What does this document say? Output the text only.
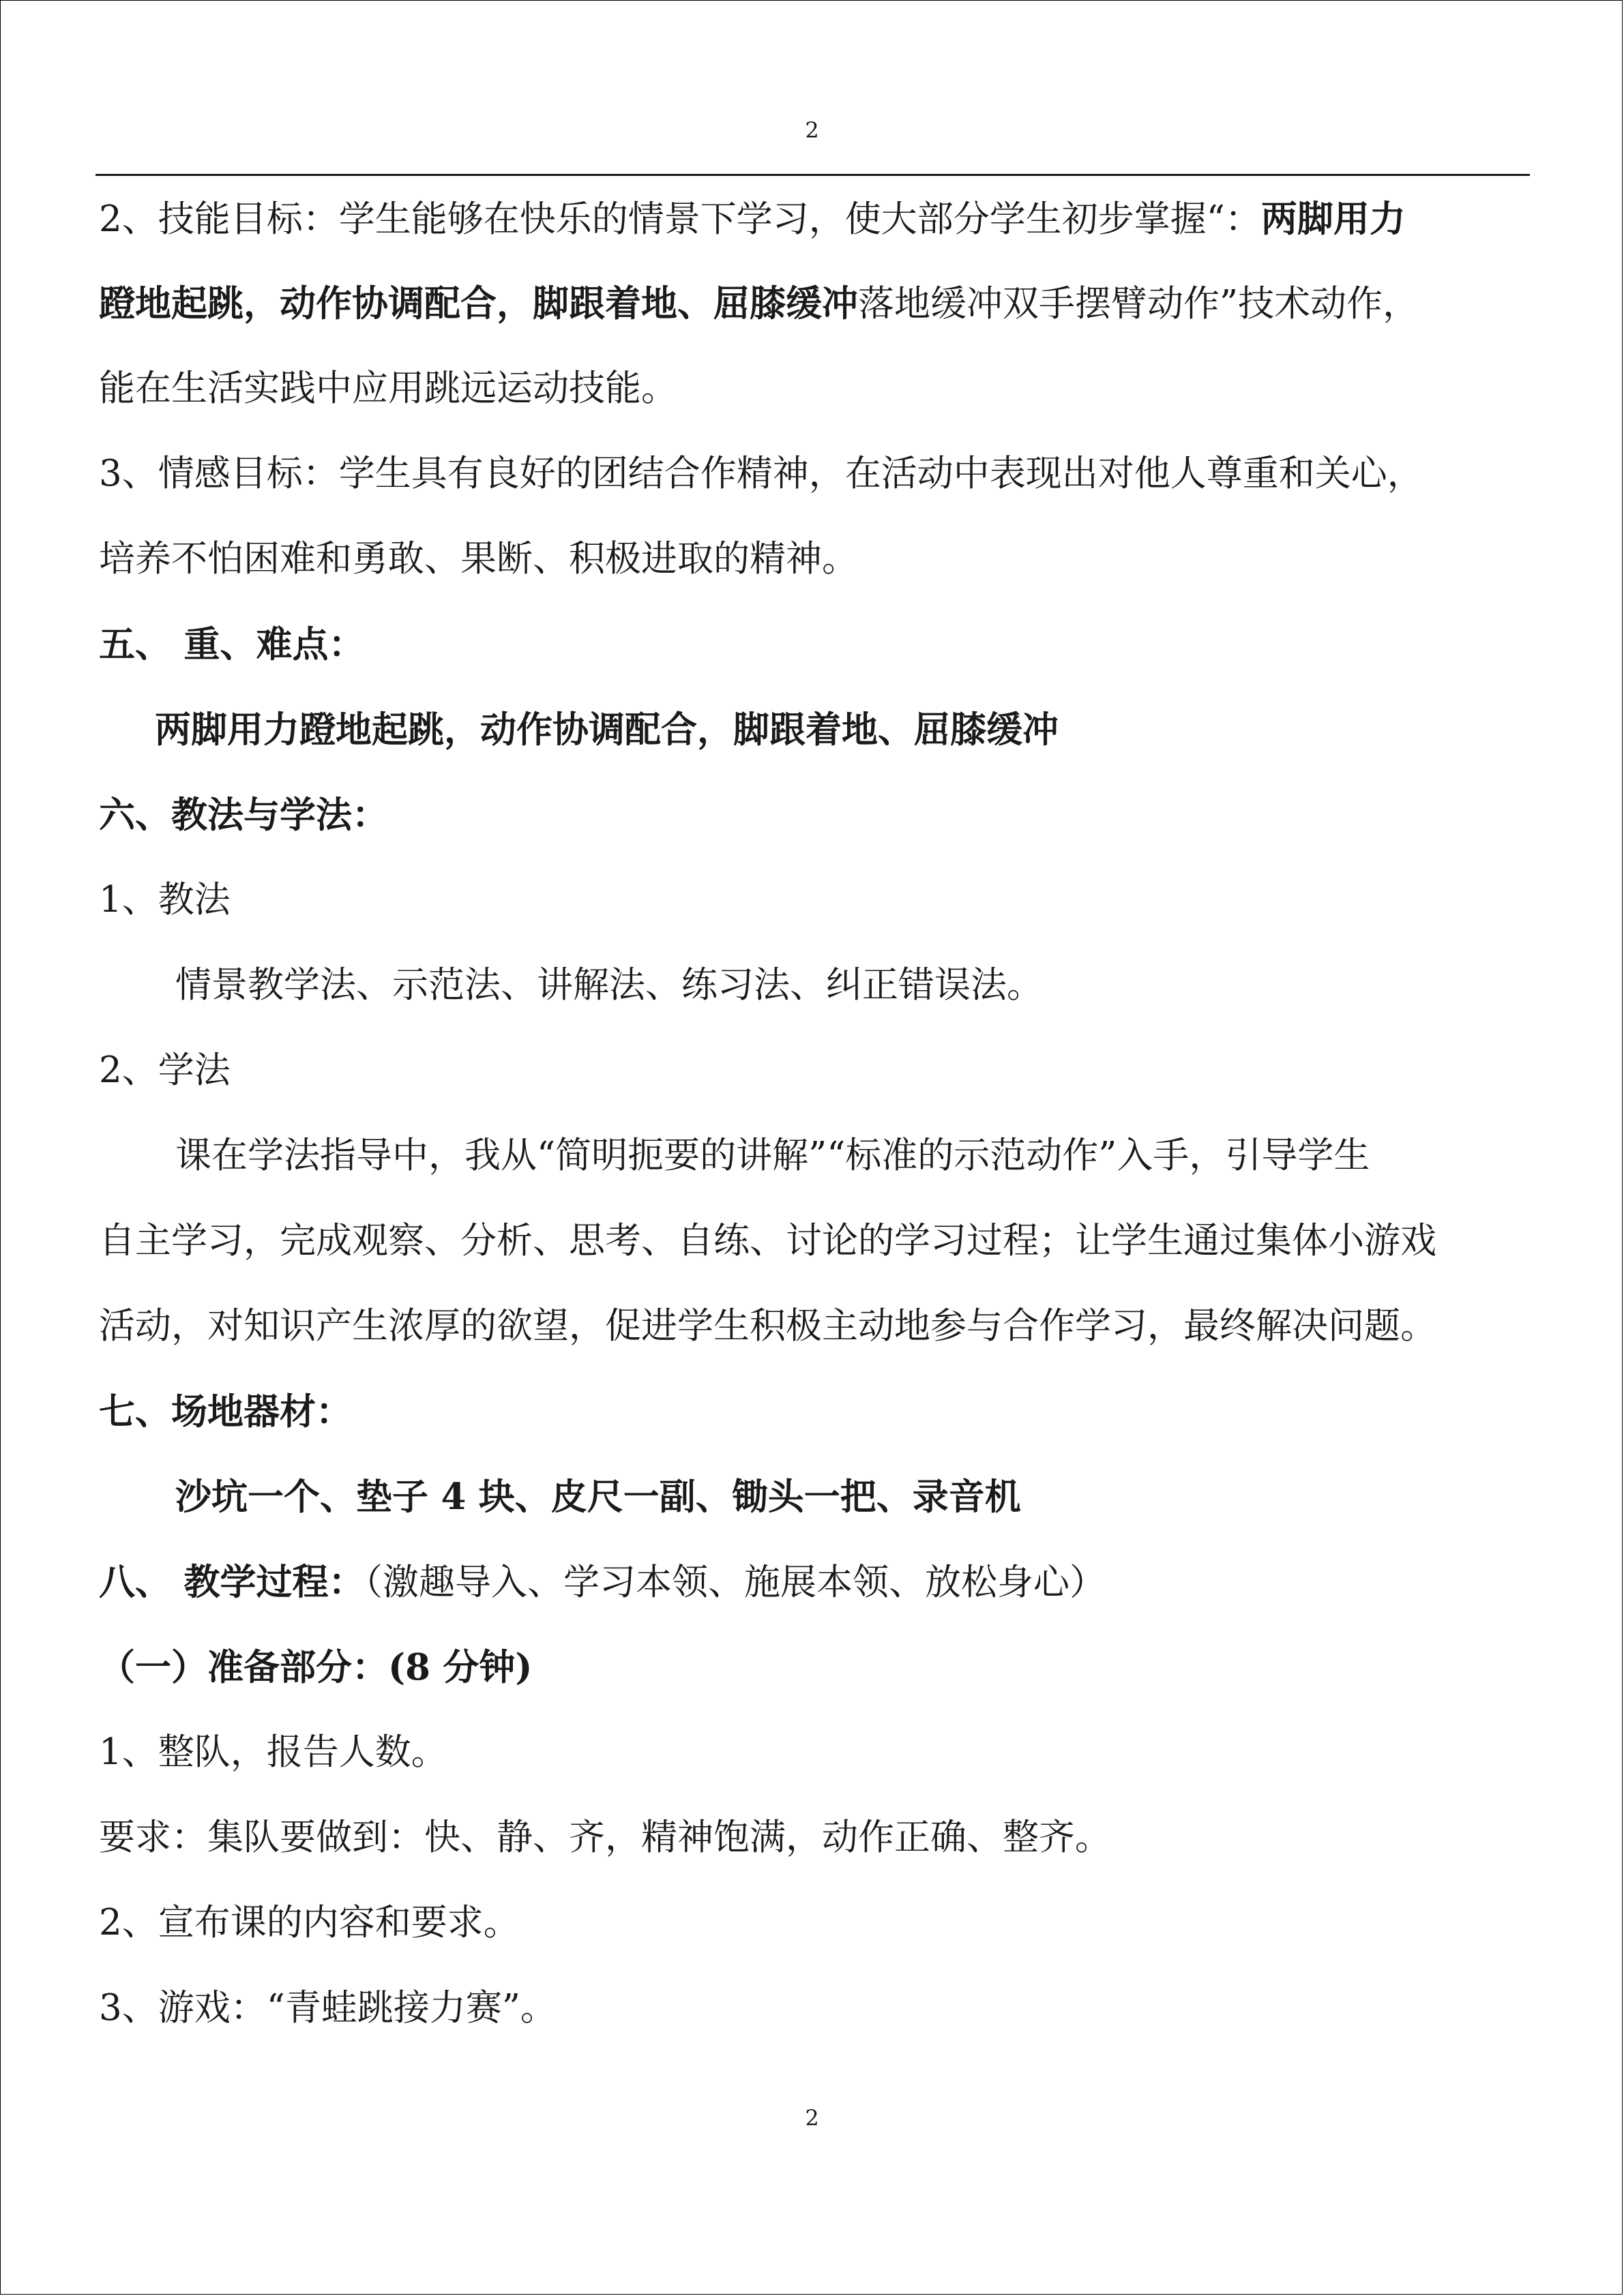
2
2、技能目标：学生能够在快乐的情景下学习，使大部分学生初步掌握“：两脚用力
蹬地起跳，动作协调配合，脚跟着地、屈膝缓冲落地缓冲双手摆臂动作”技术动作，
能在生活实践中应用跳远运动技能。
3、情感目标：学生具有良好的团结合作精神，在活动中表现出对他人尊重和关心，
培养不怕困难和勇敢、果断、积极进取的精神。
五、 重、难点：
两脚用力蹬地起跳，动作协调配合，脚跟着地、屈膝缓冲
六、教法与学法：
1、教法
情景教学法、示范法、讲解法、练习法、纠正错误法。
2、学法
课在学法指导中，我从“简明扼要的讲解”“标准的示范动作”入手，引导学生
自主学习，完成观察、分析、思考、自练、讨论的学习过程；让学生通过集体小游戏
活动，对知识产生浓厚的欲望，促进学生积极主动地参与合作学习，最终解决问题。
七、场地器材：
沙坑一个、垫子 4 块、皮尺一副、锄头一把、录音机
八、 教学过程：（激趣导入、学习本领、施展本领、放松身心）
（一）准备部分：(8 分钟)
1、整队，报告人数。
要求：集队要做到：快、静、齐，精神饱满，动作正确、整齐。
2、宣布课的内容和要求。
3、游戏：“青蛙跳接力赛”。
2
